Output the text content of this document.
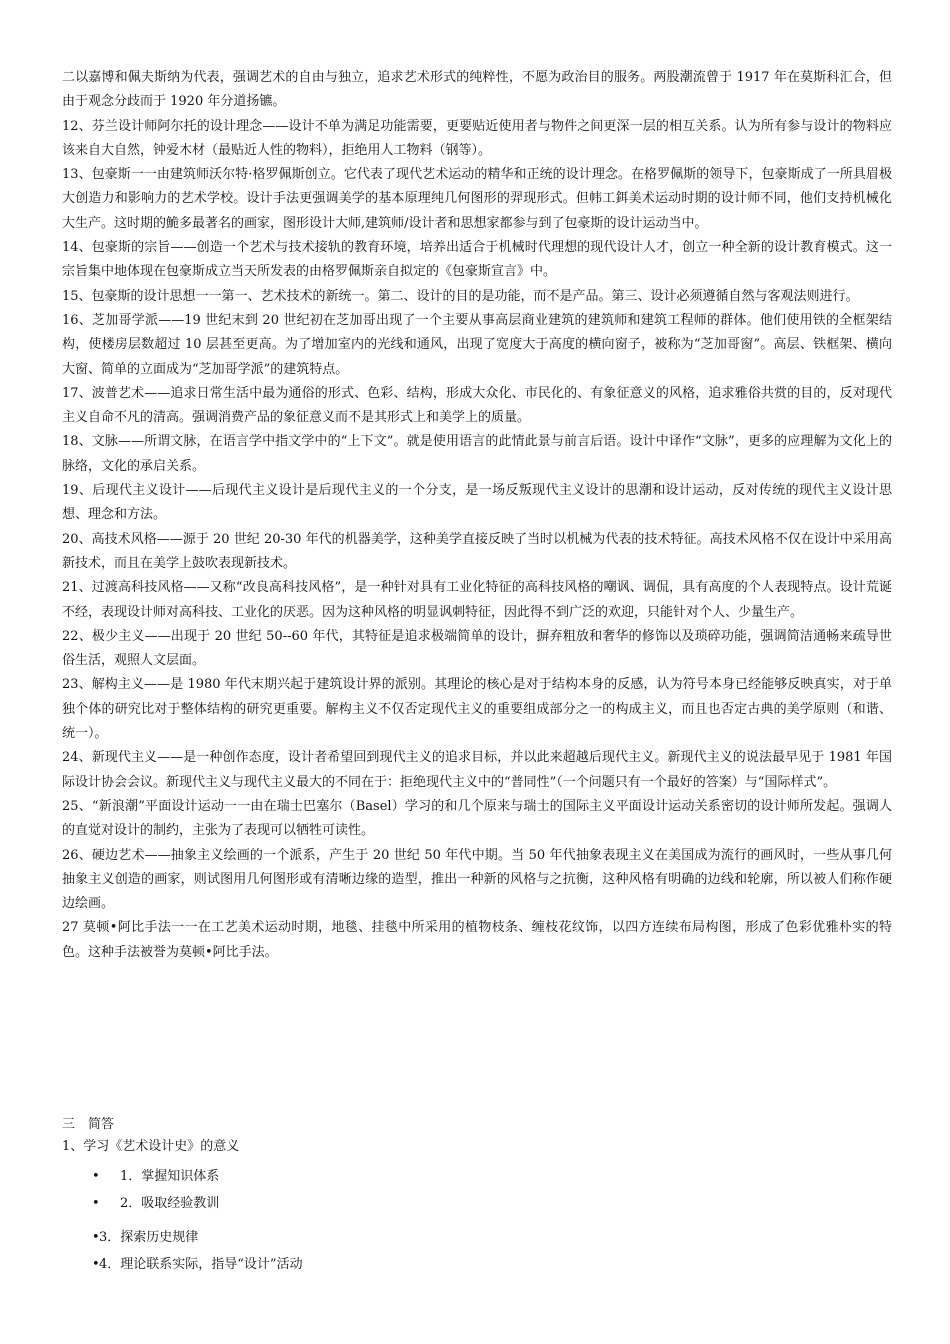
二以嘉博和佩夫斯纳为代表，强调艺术的自由与独立，追求艺术形式的纯粹性，不愿为政治目的服务。两股潮流曾于 1917 年在莫斯科汇合，但由于观念分歧而于 1920 年分道扬镳。

12、芬兰设计师阿尔托的设计理念——设计不单为满足功能需要，更要贴近使用者与物件之间更深一层的相互关系。认为所有参与设计的物料应该来自大自然，钟爱木材（最贴近人性的物料），拒绝用人工物料（钢等）。

13、包豪斯一一由建筑师沃尔特·格罗佩斯创立。它代表了现代艺术运动的精华和正统的设计理念。在格罗佩斯的领导下，包豪斯成了一所具眉极大创造力和影响力的艺术学校。设计手法更强调美学的基本原理纯几何图形的羿现形式。但帏工鉺美术运动时期的设计师不同，他们支持机械化大生产。这时期的鮠多最著名的画家，图形设计大师,建筑师/设计者和思想家都参与到了包豪斯的设计运动当中。

14、包豪斯的宗旨——创造一个艺术与技术接轨的教育环境，培养出适合于机械时代理想的现代设计人才，创立一种全新的设计教育模式。这一宗旨集中地体现在包豪斯成立当天所发表的由格罗佩斯亲自拟定的《包豪斯宣言》中。

15、包豪斯的设计思想一一第一、艺术技术的新统一。第二、设计的目的是功能，而不是产品。第三、设计必须遵循自然与客观法则进行。

16、芝加哥学派——19 世纪末到 20 世纪初在芝加哥出现了一个主要从事高层商业建筑的建筑师和建筑工程师的群体。他们使用铁的全框架结构，使楼房层数超过 10 层甚至更高。为了增加室内的光线和通风，出现了宽度大于高度的横向窗子，被称为“芝加哥窗”。高层、铁框架、横向大窗、简单的立面成为“芝加哥学派”的建筑特点。

17、波普艺术——追求日常生活中最为通俗的形式、色彩、结构，形成大众化、市民化的、有象征意义的风格，追求雅俗共赏的目的，反对现代主义自命不凡的清高。强调消费产品的象征意义而不是其形式上和美学上的质量。

18、文脉——所谓文脉，在语言学中指文学中的“上下文”。就是使用语言的此情此景与前言后语。设计中译作“文脉”，更多的应理解为文化上的脉络，文化的承启关系。

19、后现代主义设计——后现代主义设计是后现代主义的一个分支，是一场反叛现代主义设计的思潮和设计运动，反对传统的现代主义设计思想、理念和方法。

20、高技术风格——源于 20 世纪 20-30 年代的机器美学，这种美学直接反映了当时以机械为代表的技术特征。高技术风格不仅在设计中采用高新技术，而且在美学上鼓吹表现新技术。

21、过渡高科技风格——又称“改良高科技风格”，是一种针对具有工业化特征的高科技风格的嘲讽、调侃，具有高度的个人表现特点。设计荒诞不经，表现设计师对高科技、工业化的厌恶。因为这种风格的明显讽刺特征，因此得不到广泛的欢迎，只能针对个人、少量生产。

22、极少主义——出现于 20 世纪 50--60 年代，其特征是追求极端简单的设计，摒弃粗放和奢华的修饰以及琐碎功能，强调简洁通畅来疏导世俗生活，观照人文层面。

23、解构主义——是 1980 年代末期兴起于建筑设计界的派别。其理论的核心是对于结构本身的反感，认为符号本身已经能够反映真实，对于单独个体的研究比对于整体结构的研究更重要。解构主义不仅否定现代主义的重要组成部分之一的构成主义，而且也否定古典的美学原则（和谐、统一）。

24、新现代主义——是一种创作态度，设计者希望回到现代主义的追求目标，并以此来超越后现代主义。新现代主义的说法最早见于 1981 年国际设计协会会议。新现代主义与现代主义最大的不同在于：拒绝现代主义中的“普同性”（一个问题只有一个最好的答案）与“国际样式”。

25、“新浪潮”平面设计运动一一由在瑞士巴塞尔（Basel）学习的和几个原来与瑞士的国际主义平面设计运动关系密切的设计师所发起。强调人的直觉对设计的制约，主张为了表现可以牺牲可读性。

26、硬边艺术——抽象主义绘画的一个派系，产生于 20 世纪 50 年代中期。当 50 年代抽象表现主义在美国成为流行的画风时，一些从事几何抽象主义创造的画家，则试图用几何图形或有清晰边缘的造型，推出一种新的风格与之抗衡，这种风格有明确的边线和轮廓，所以被人们称作硬边绘画。

27 莫顿•阿比手法一一在工艺美术运动时期，地毯、挂毯中所采用的植物枝条、缠枝花纹饰，以四方连续布局构图，形成了色彩优雅朴实的特色。这种手法被誉为莫顿•阿比手法。

三 简答
1、学习《艺术设计史》的意义
• 1．掌握知识体系
• 2．吸取经验教训
• 3．探索历史规律
• 4．理论联系实际，指导“设计”活动
